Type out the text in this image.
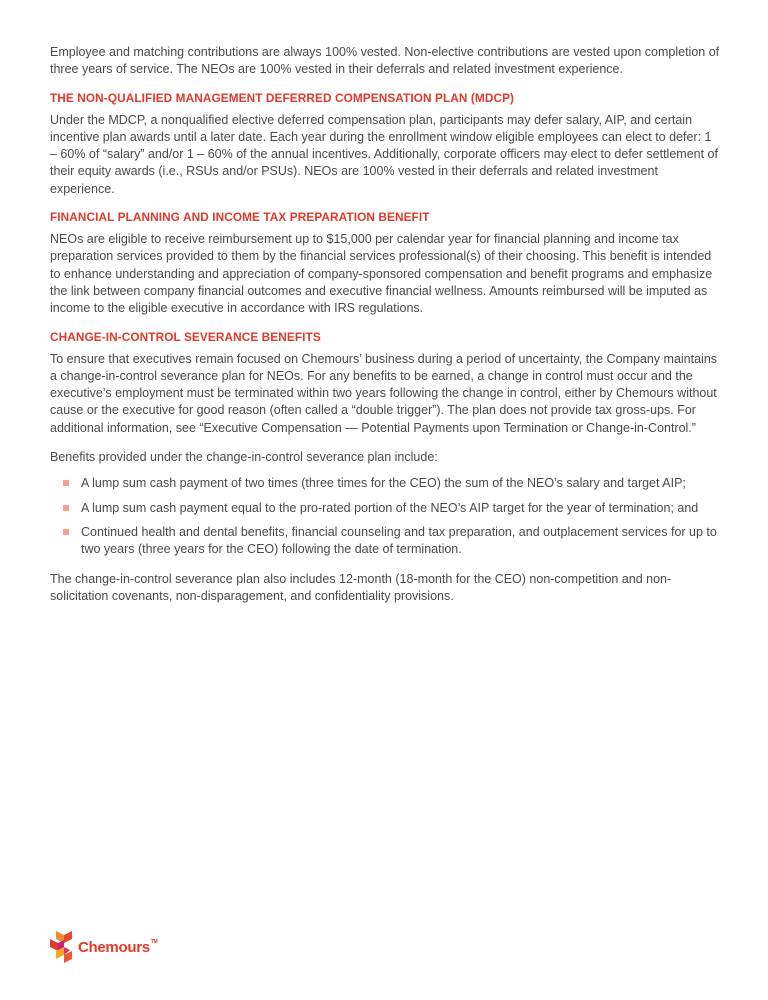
Employee and matching contributions are always 100% vested. Non-elective contributions are vested upon completion of three years of service. The NEOs are 100% vested in their deferrals and related investment experience.

THE NON-QUALIFIED MANAGEMENT DEFERRED COMPENSATION PLAN (MDCP)

Under the MDCP, a nonqualified elective deferred compensation plan, participants may defer salary, AIP, and certain incentive plan awards until a later date. Each year during the enrollment window eligible employees can elect to defer: 1 – 60% of “salary” and/or 1 – 60% of the annual incentives. Additionally, corporate officers may elect to defer settlement of their equity awards (i.e., RSUs and/or PSUs). NEOs are 100% vested in their deferrals and related investment experience.

FINANCIAL PLANNING AND INCOME TAX PREPARATION BENEFIT

NEOs are eligible to receive reimbursement up to $15,000 per calendar year for financial planning and income tax preparation services provided to them by the financial services professional(s) of their choosing. This benefit is intended to enhance understanding and appreciation of company-sponsored compensation and benefit programs and emphasize the link between company financial outcomes and executive financial wellness. Amounts reimbursed will be imputed as income to the eligible executive in accordance with IRS regulations.

CHANGE-IN-CONTROL SEVERANCE BENEFITS

To ensure that executives remain focused on Chemours’ business during a period of uncertainty, the Company maintains a change-in-control severance plan for NEOs. For any benefits to be earned, a change in control must occur and the executive’s employment must be terminated within two years following the change in control, either by Chemours without cause or the executive for good reason (often called a “double trigger”). The plan does not provide tax gross-ups. For additional information, see “Executive Compensation — Potential Payments upon Termination or Change-in-Control.”

Benefits provided under the change-in-control severance plan include:

A lump sum cash payment of two times (three times for the CEO) the sum of the NEO’s salary and target AIP;
A lump sum cash payment equal to the pro-rated portion of the NEO’s AIP target for the year of termination; and
Continued health and dental benefits, financial counseling and tax preparation, and outplacement services for up to two years (three years for the CEO) following the date of termination.

The change-in-control severance plan also includes 12-month (18-month for the CEO) non-competition and non-solicitation covenants, non-disparagement, and confidentiality provisions.

Chemours™
